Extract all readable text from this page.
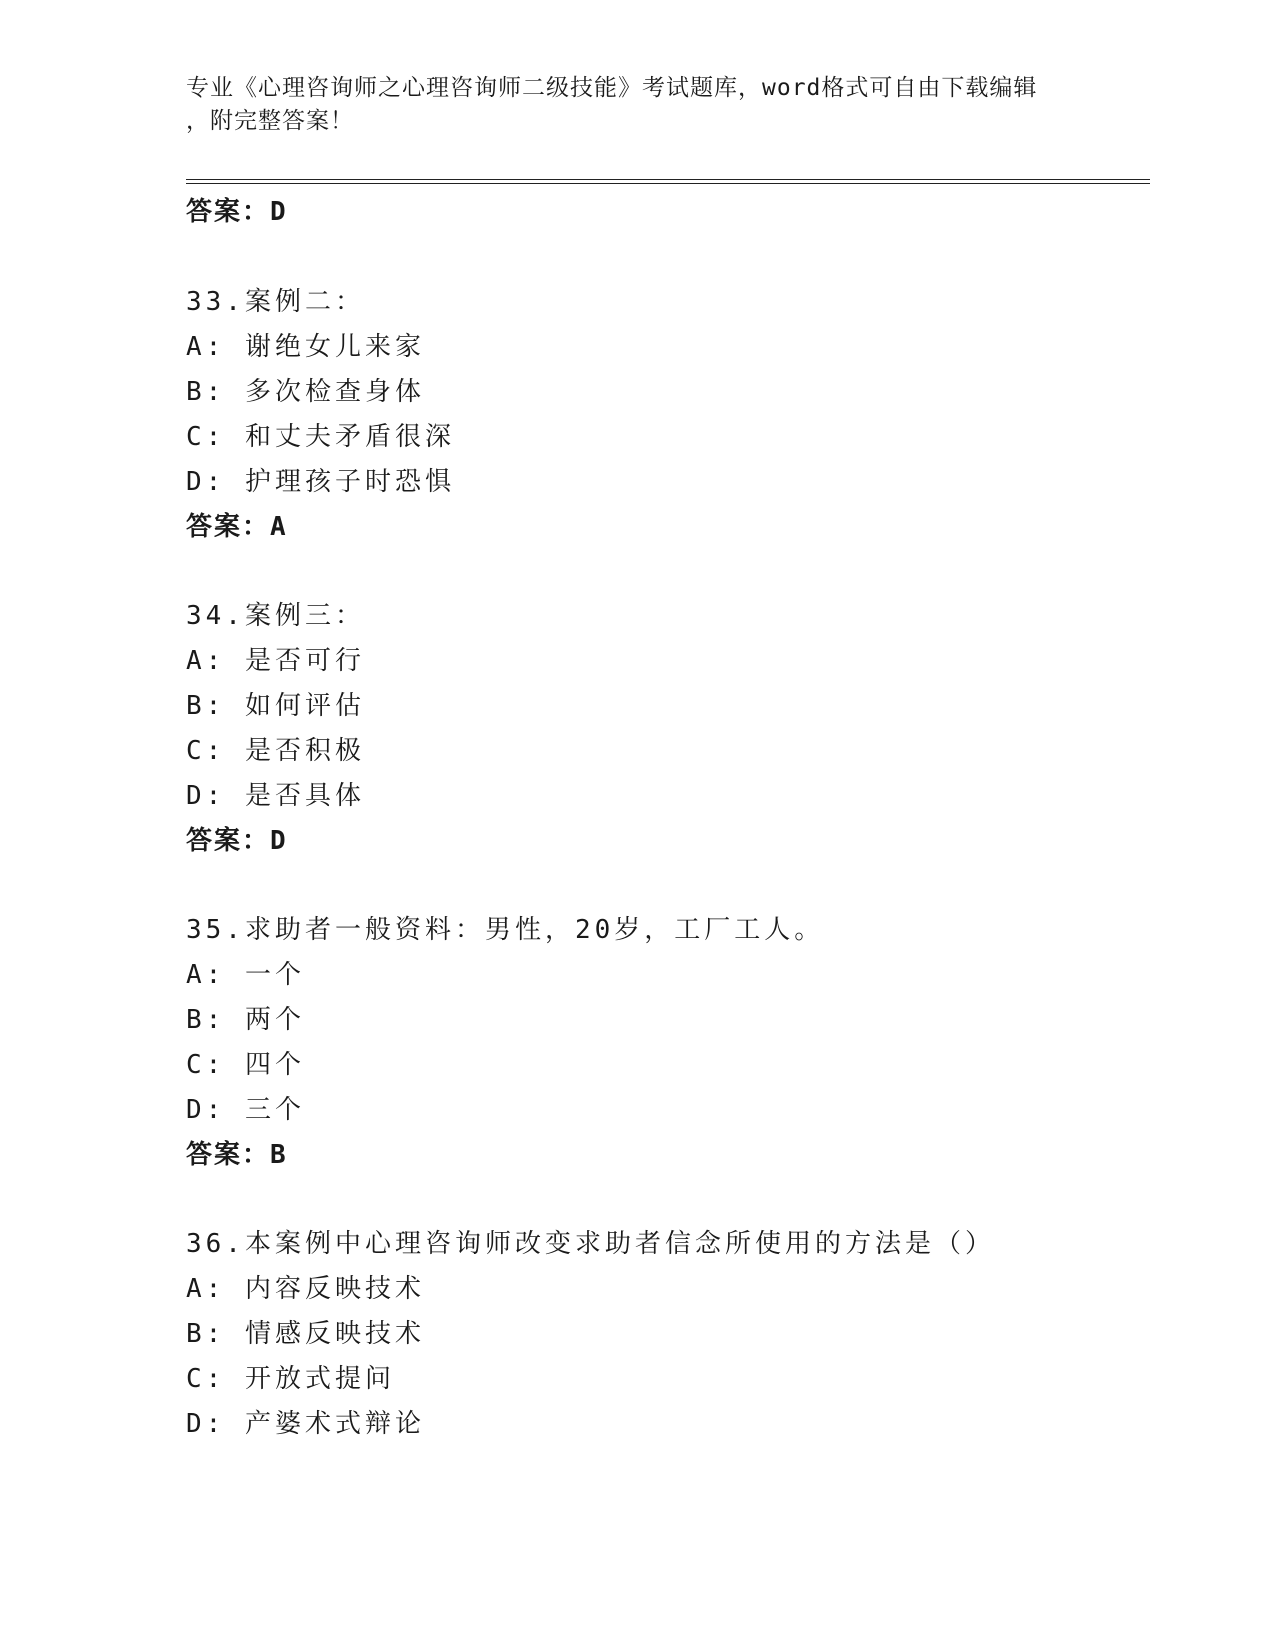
专业《心理咨询师之心理咨询师二级技能》考试题库，word格式可自由下载编辑
，附完整答案！
答案：D
33.案例二：
A: 谢绝女儿来家
B: 多次检查身体
C: 和丈夫矛盾很深
D: 护理孩子时恐惧
答案：A
34.案例三：
A: 是否可行
B: 如何评估
C: 是否积极
D: 是否具体
答案：D
35.求助者一般资料：男性，20岁，工厂工人。
A: 一个
B: 两个
C: 四个
D: 三个
答案：B
36.本案例中心理咨询师改变求助者信念所使用的方法是（）
A: 内容反映技术
B: 情感反映技术
C: 开放式提问
D: 产婆术式辩论
